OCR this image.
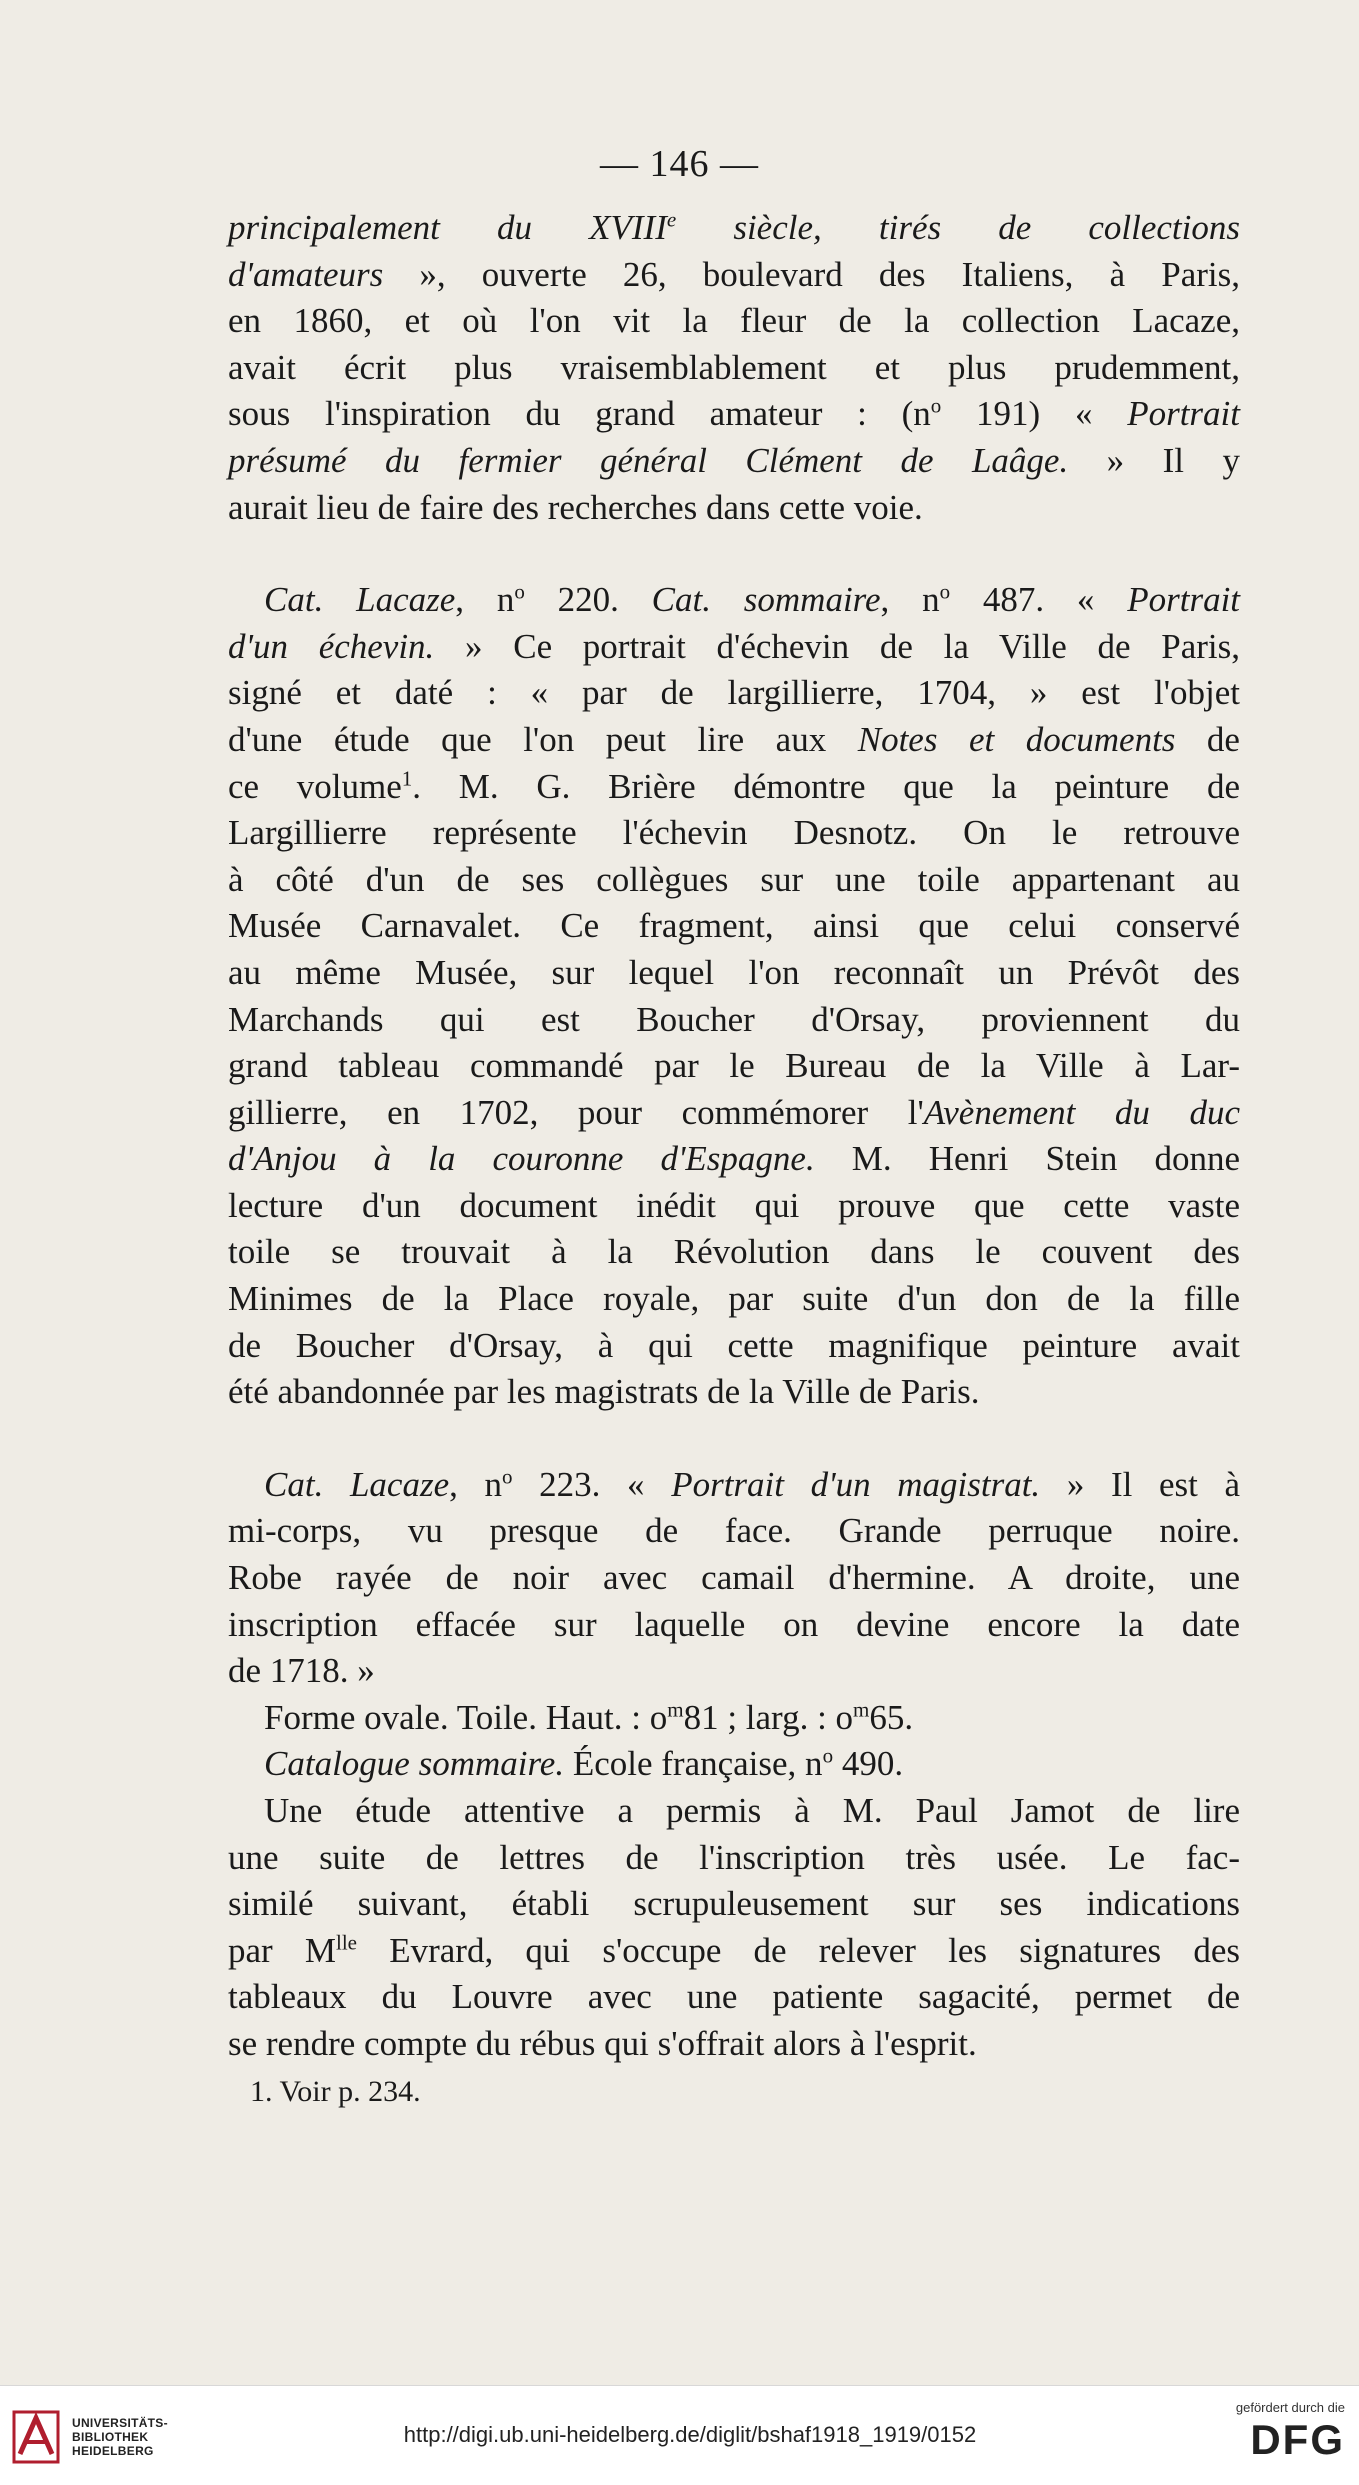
— 146 —
principalement du XVIIIe siècle, tirés de collections
d'amateurs », ouverte 26, boulevard des Italiens, à Paris,
en 1860, et où l'on vit la fleur de la collection Lacaze,
avait écrit plus vraisemblablement et plus prudemment,
sous l'inspiration du grand amateur : ($n^o$ 191) « Portrait
présumé du fermier général Clément de Laâge. » Il y
aurait lieu de faire des recherches dans cette voie.
Cat. Lacaze, $n^o$ 220. Cat. sommaire, $n^o$ 487. « Portrait
d'un échevin. » Ce portrait d'échevin de la Ville de Paris,
signé et daté : « par de largillierre, 1704, » est l'objet
d'une étude que l'on peut lire aux Notes et documents de
ce volume$^1$. M. G. Brière démontre que la peinture de
Largillierre représente l'échevin Desnotz. On le retrouve
à côté d'un de ses collègues sur une toile appartenant au
Musée Carnavalet. Ce fragment, ainsi que celui conservé
au même Musée, sur lequel l'on reconnaît un Prévôt des
Marchands qui est Boucher d'Orsay, proviennent du
grand tableau commandé par le Bureau de la Ville à Lar-
gillierre, en 1702, pour commémorer l'Avènement du duc
d'Anjou à la couronne d'Espagne. M. Henri Stein donne
lecture d'un document inédit qui prouve que cette vaste
toile se trouvait à la Révolution dans le couvent des
Minimes de la Place royale, par suite d'un don de la fille
de Boucher d'Orsay, à qui cette magnifique peinture avait
été abandonnée par les magistrats de la Ville de Paris.
Cat. Lacaze, $n^o$ 223. « Portrait d'un magistrat. » Il est à
mi-corps, vu presque de face. Grande perruque noire.
Robe rayée de noir avec camail d'hermine. A droite, une
inscription effacée sur laquelle on devine encore la date
de 1718. »
Forme ovale. Toile. Haut. : $o^m81$ ; larg. : $o^m65$.
Catalogue sommaire. École française, $n^o$ 490.
Une étude attentive a permis à M. Paul Jamot de lire
une suite de lettres de l'inscription très usée. Le fac-
similé suivant, établi scrupuleusement sur ses indications
par $M^{lle}$ Evrard, qui s'occupe de relever les signatures des
tableaux du Louvre avec une patiente sagacité, permet de
se rendre compte du rébus qui s'offrait alors à l'esprit.
1. Voir p. 234.
UNIVERSITÄTS-
BIBLIOTHEK
HEIDELBERG
http://digi.ub.uni-heidelberg.de/diglit/bshaf1918_1919/0152
gefördert durch die
DFG
